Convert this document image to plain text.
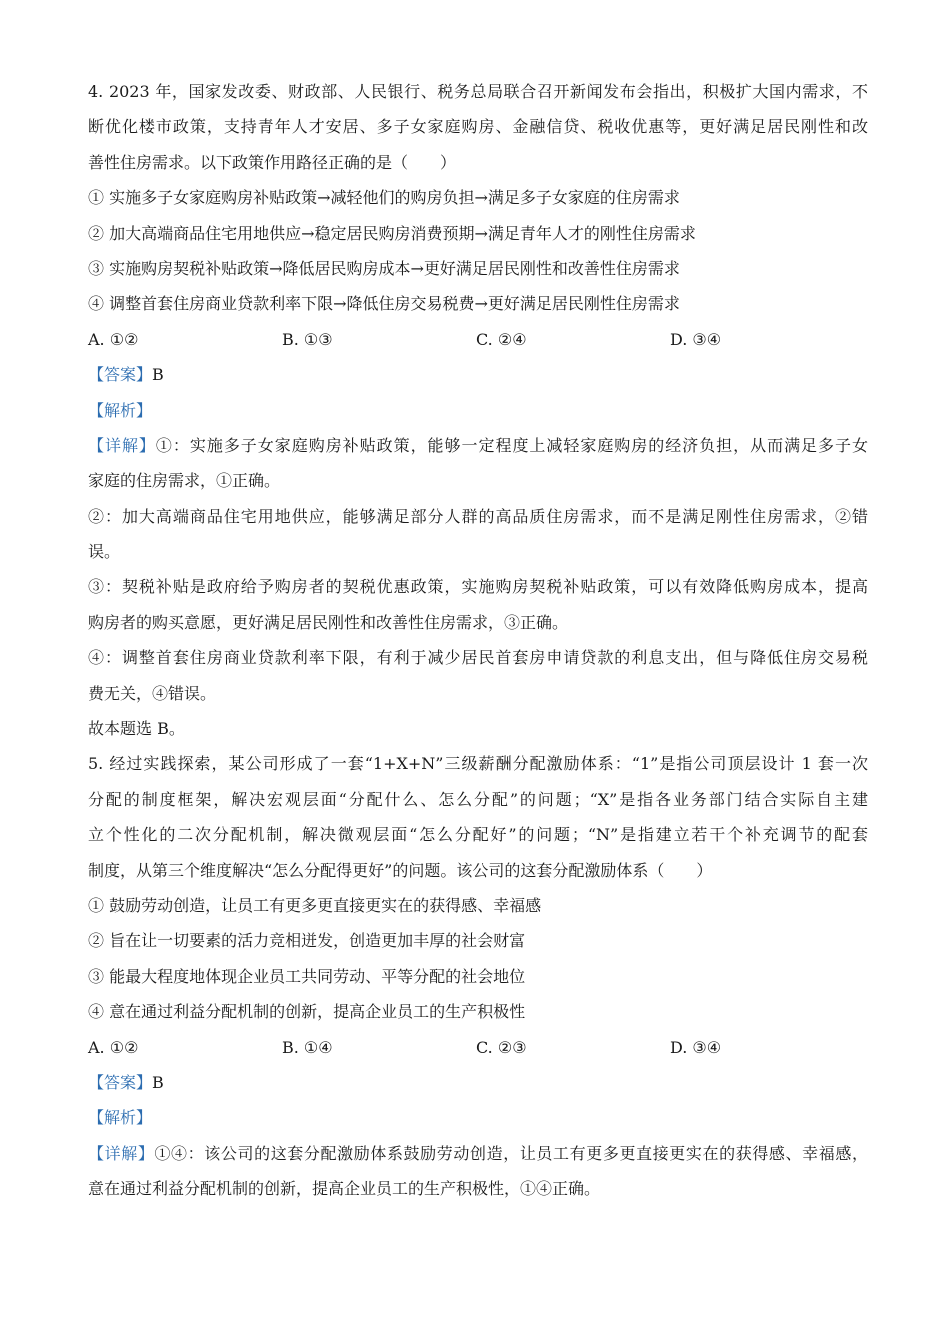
4. 2023 年，国家发改委、财政部、人民银行、税务总局联合召开新闻发布会指出，积极扩大国内需求，不
断优化楼市政策，支持青年人才安居、多子女家庭购房、金融信贷、税收优惠等，更好满足居民刚性和改
善性住房需求。以下政策作用路径正确的是（　　）
① 实施多子女家庭购房补贴政策→减轻他们的购房负担→满足多子女家庭的住房需求
② 加大高端商品住宅用地供应→稳定居民购房消费预期→满足青年人才的刚性住房需求
③ 实施购房契税补贴政策→降低居民购房成本→更好满足居民刚性和改善性住房需求
④ 调整首套住房商业贷款利率下限→降低住房交易税费→更好满足居民刚性住房需求
A. ①②	B. ①③	C. ②④	D. ③④
【答案】B
【解析】
【详解】①：实施多子女家庭购房补贴政策，能够一定程度上减轻家庭购房的经济负担，从而满足多子女
家庭的住房需求，①正确。
②：加大高端商品住宅用地供应，能够满足部分人群的高品质住房需求，而不是满足刚性住房需求，②错
误。
③：契税补贴是政府给予购房者的契税优惠政策，实施购房契税补贴政策，可以有效降低购房成本，提高
购房者的购买意愿，更好满足居民刚性和改善性住房需求，③正确。
④：调整首套住房商业贷款利率下限，有利于减少居民首套房申请贷款的利息支出，但与降低住房交易税
费无关，④错误。
故本题选 B。
5. 经过实践探索，某公司形成了一套“1+X+N”三级薪酬分配激励体系：“1”是指公司顶层设计 1 套一次
分配的制度框架，解决宏观层面“分配什么、怎么分配”的问题；“X”是指各业务部门结合实际自主建
立个性化的二次分配机制，解决微观层面“怎么分配好”的问题；“N”是指建立若干个补充调节的配套
制度，从第三个维度解决“怎么分配得更好”的问题。该公司的这套分配激励体系（　　）
① 鼓励劳动创造，让员工有更多更直接更实在的获得感、幸福感
② 旨在让一切要素的活力竞相迸发，创造更加丰厚的社会财富
③ 能最大程度地体现企业员工共同劳动、平等分配的社会地位
④ 意在通过利益分配机制的创新，提高企业员工的生产积极性
A. ①②	B. ①④	C. ②③	D. ③④
【答案】B
【解析】
【详解】①④：该公司的这套分配激励体系鼓励劳动创造，让员工有更多更直接更实在的获得感、幸福感，
意在通过利益分配机制的创新，提高企业员工的生产积极性，①④正确。
